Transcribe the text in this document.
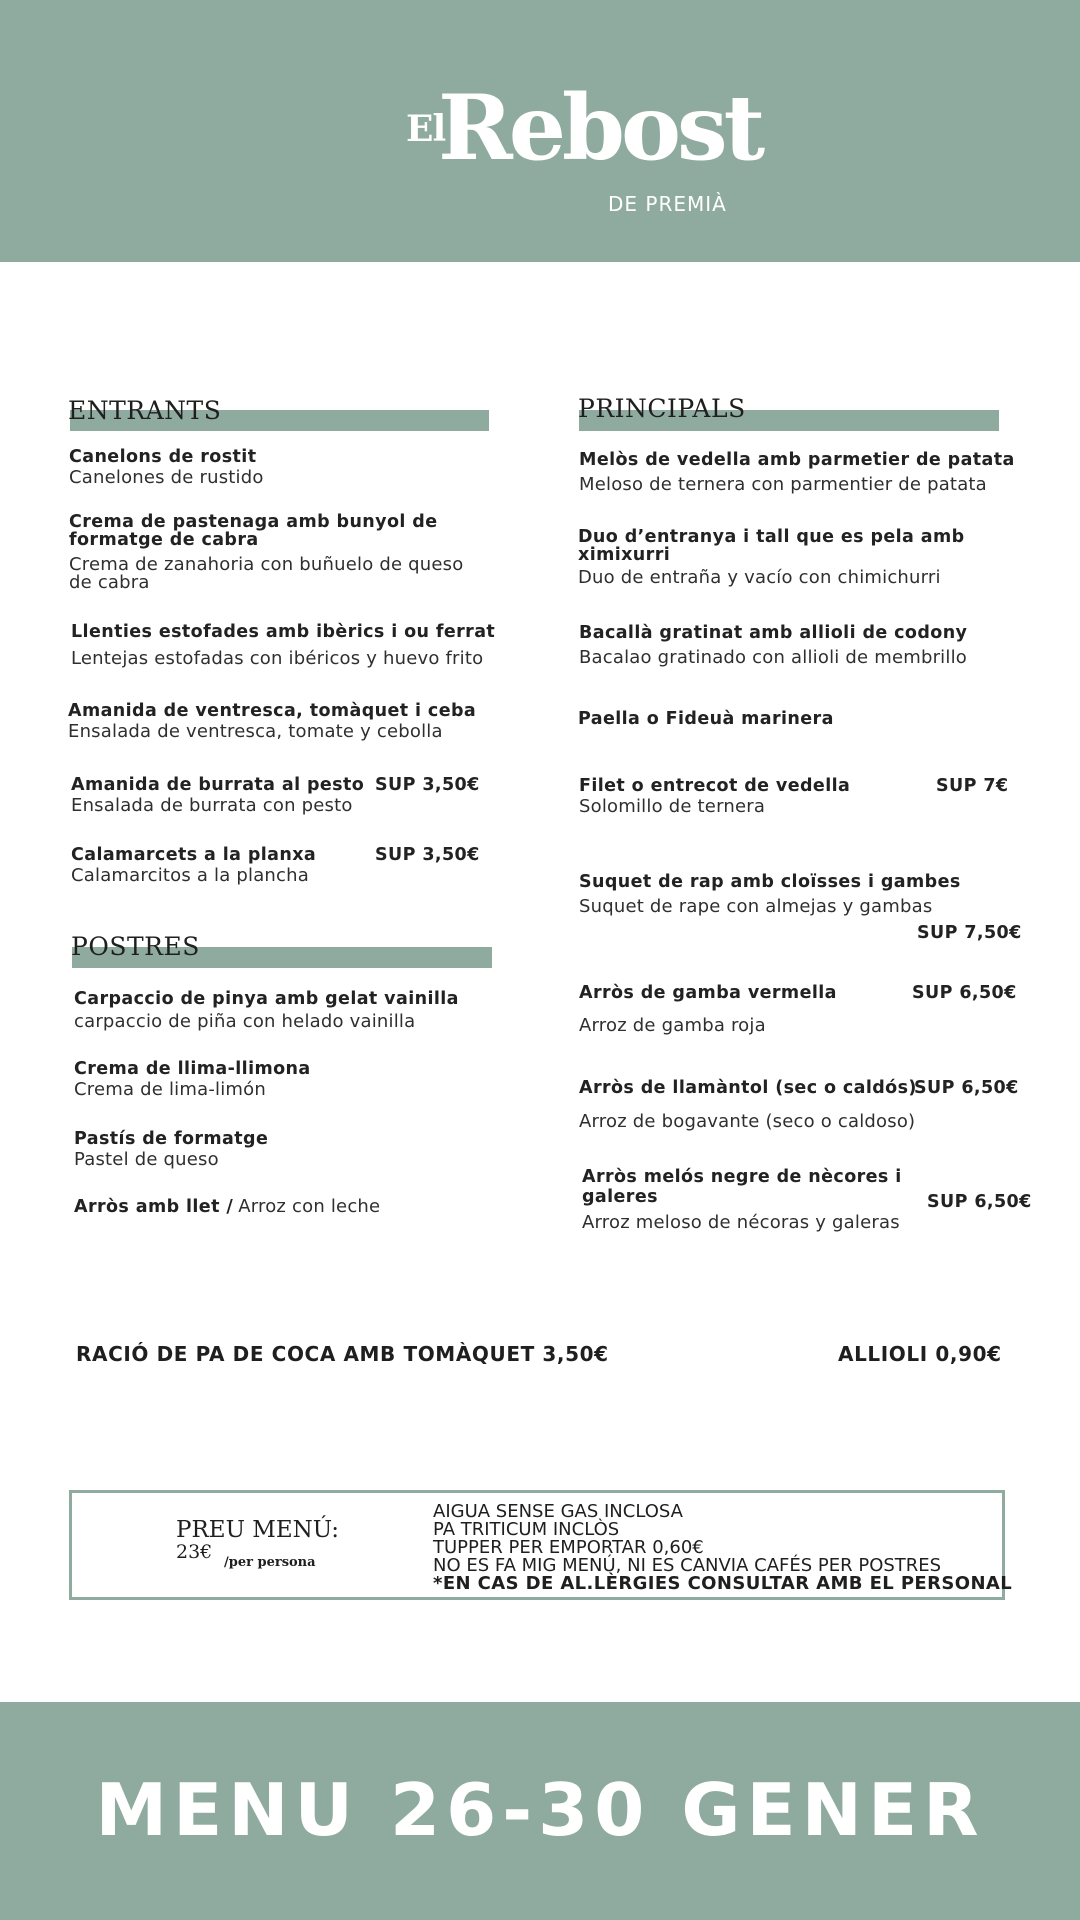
El
Rebost
DE PREMIÀ
ENTRANTS
Canelons de rostit
Canelones de rustido
Crema de pastenaga amb bunyol de formatge de cabra
Crema de zanahoria con buñuelo de queso de cabra
Llenties estofades amb ibèrics i ou ferrat
Lentejas estofadas con ibéricos y huevo frito
Amanida de ventresca, tomàquet i ceba
Ensalada de ventresca, tomate y cebolla
Amanida de burrata al pesto
Ensalada de burrata con pesto
SUP 3,50€
Calamarcets a la planxa
Calamarcitos a la plancha
SUP 3,50€
POSTRES
Carpaccio de pinya amb gelat vainilla
carpaccio de piña con helado vainilla
Crema de llima-llimona
Crema de lima-limón
Pastís de formatge
Pastel de queso
Arròs amb llet / Arroz con leche
PRINCIPALS
Melòs de vedella amb parmetier de patata
Meloso de ternera con parmentier de patata
Duo d’entranya i tall que es pela amb ximixurri
Duo de entraña y vacío con chimichurri
Bacallà gratinat amb allioli de codony
Bacalao gratinado con allioli de membrillo
Paella o Fideuà marinera
Filet o entrecot de vedella
Solomillo de ternera
SUP 7€
Suquet de rap amb cloïsses i gambes
Suquet de rape con almejas y gambas
SUP 7,50€
Arròs de gamba vermella
Arroz de gamba roja
SUP 6,50€
Arròs de llamàntol (sec o caldós)
Arroz de bogavante (seco o caldoso)
SUP 6,50€
Arròs melós negre de nècores i galeres
Arroz meloso de nécoras y galeras
SUP 6,50€
RACIÓ DE PA DE COCA AMB TOMÀQUET 3,50€	ALLIOLI 0,90€
PREU MENÚ:
23€ /per persona
AIGUA SENSE GAS INCLOSA
PA TRITICUM INCLÒS
TUPPER PER EMPORTAR 0,60€
NO ES FA MIG MENÚ, NI ES CANVIA CAFÉS PER POSTRES
*EN CAS DE AL.LÈRGIES CONSULTAR AMB EL PERSONAL
MENU 26-30 GENER
